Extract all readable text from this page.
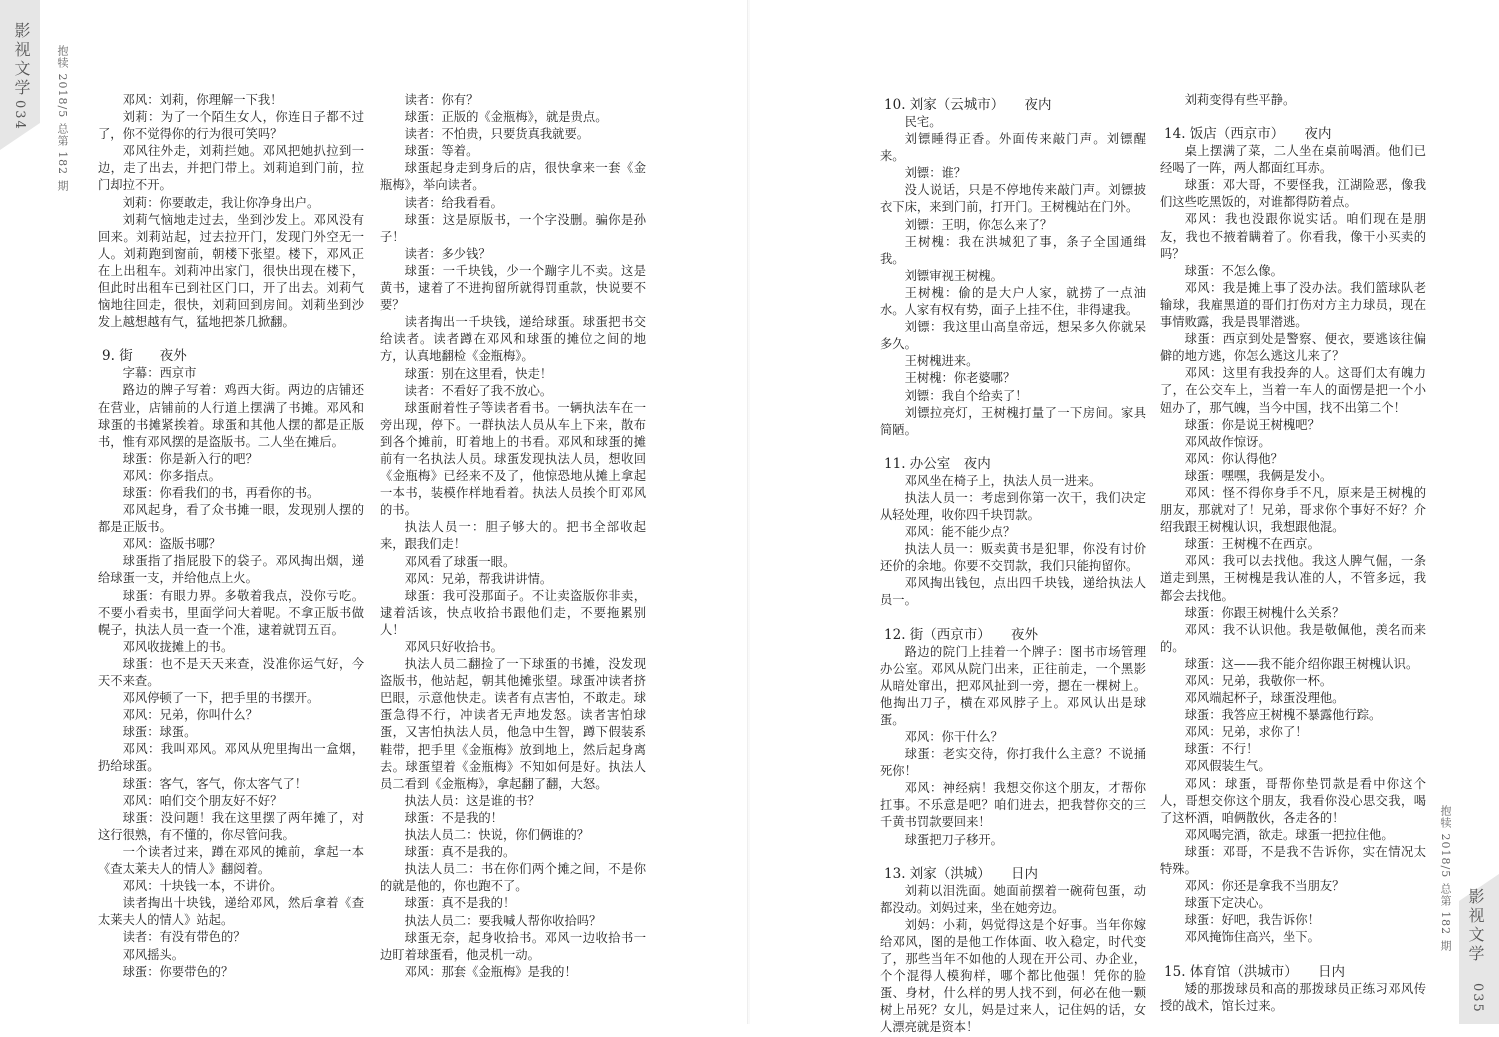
影视文学
034	抱犊 2018/5 总第 182 期	邓风：刘莉，你理解一下我！

刘莉：为了一个陌生女人，你连日子都不过了，你不觉得你的行为很可笑吗？

邓风往外走，刘莉拦她。邓风把她扒拉到一边，走了出去，并把门带上。刘莉追到门前，拉门却拉不开。

刘莉：你要敢走，我让你净身出户。

刘莉气恼地走过去，坐到沙发上。邓风没有回来。刘莉站起，过去拉开门，发现门外空无一人。刘莉跑到窗前，朝楼下张望。楼下，邓风正在上出租车。刘莉冲出家门，很快出现在楼下，但此时出租车已到社区门口，开了出去。刘莉气恼地往回走，很快，刘莉回到房间。刘莉坐到沙发上越想越有气，猛地把茶几掀翻。

9. 街　　夜外

字幕：西京市

路边的牌子写着：鸡西大街。两边的店铺还在营业，店铺前的人行道上摆满了书摊。邓风和球蛋的书摊紧挨着。球蛋和其他人摆的都是正版书，惟有邓风摆的是盗版书。二人坐在摊后。

球蛋：你是新入行的吧？

邓风：你多指点。

球蛋：你看我们的书，再看你的书。

邓风起身，看了众书摊一眼，发现别人摆的都是正版书。

邓风：盗版书哪？

球蛋指了指屁股下的袋子。邓风掏出烟，递给球蛋一支，并给他点上火。

球蛋：有眼力界。多敬着我点，没你亏吃。不要小看卖书，里面学问大着呢。不拿正版书做幌子，执法人员一查一个准，逮着就罚五百。

邓风收拢摊上的书。

球蛋：也不是天天来查，没准你运气好，今天不来查。

邓风停顿了一下，把手里的书摆开。

邓风：兄弟，你叫什么？

球蛋：球蛋。

邓风：我叫邓风。邓风从兜里掏出一盒烟，扔给球蛋。

球蛋：客气，客气，你太客气了！

邓风：咱们交个朋友好不好？

球蛋：没问题！我在这里摆了两年摊了，对这行很熟，有不懂的，你尽管问我。

一个读者过来，蹲在邓风的摊前，拿起一本《查太莱夫人的情人》翻阅着。

邓风：十块钱一本，不讲价。

读者掏出十块钱，递给邓风，然后拿着《查太莱夫人的情人》站起。

读者：有没有带色的？

邓风摇头。

球蛋：你要带色的？

读者：你有？

球蛋：正版的《金瓶梅》，就是贵点。

读者：不怕贵，只要货真我就要。

球蛋：等着。

球蛋起身走到身后的店，很快拿来一套《金瓶梅》，举向读者。

读者：给我看看。

球蛋：这是原版书，一个字没删。骗你是孙子！

读者：多少钱？

球蛋：一千块钱，少一个蹦字儿不卖。这是黄书，逮着了不进拘留所就得罚重款，快说要不要？

读者掏出一千块钱，递给球蛋。球蛋把书交给读者。读者蹲在邓风和球蛋的摊位之间的地方，认真地翻检《金瓶梅》。

球蛋：别在这里看，快走！

读者：不看好了我不放心。

球蛋耐着性子等读者看书。一辆执法车在一旁出现，停下。一群执法人员从车上下来，散布到各个摊前，盯着地上的书看。邓风和球蛋的摊前有一名执法人员。球蛋发现执法人员，想收回《金瓶梅》已经来不及了，他惊恐地从摊上拿起一本书，装模作样地看着。执法人员挨个盯邓风的书。

执法人员一：胆子够大的。把书全部收起来，跟我们走！

邓风看了球蛋一眼。

邓风：兄弟，帮我讲讲情。

球蛋：我可没那面子。不让卖盗版你非卖，逮着活该，快点收拾书跟他们走，不要拖累别人！

邓风只好收拾书。

执法人员二翻捡了一下球蛋的书摊，没发现盗版书，他站起，朝其他摊张望。球蛋冲读者挤巴眼，示意他快走。读者有点害怕，不敢走。球蛋急得不行，冲读者无声地发怒。读者害怕球蛋，又害怕执法人员，他急中生智，蹲下假装系鞋带，把手里《金瓶梅》放到地上，然后起身离去。球蛋望着《金瓶梅》不知如何是好。执法人员二看到《金瓶梅》，拿起翻了翻，大怒。

执法人员：这是谁的书？

球蛋：不是我的！

执法人员二：快说，你们俩谁的？

球蛋：真不是我的。

执法人员二：书在你们两个摊之间，不是你的就是他的，你也跑不了。

球蛋：真不是我的！

执法人员二：要我喊人帮你收拾吗？

球蛋无奈，起身收拾书。邓风一边收拾书一边盯着球蛋看，他灵机一动。

邓风：那套《金瓶梅》是我的！

影视文学
035
抱犊 2018/5 总第 182 期
10. 刘家（云城市）　　夜内

民宅。

刘镖睡得正香。外面传来敲门声。刘镖醒来。

刘镖：谁？

没人说话，只是不停地传来敲门声。刘镖披衣下床，来到门前，打开门。王树槐站在门外。

刘镖：王明，你怎么来了？

王树槐：我在洪城犯了事，条子全国通缉我。

刘镖审视王树槐。

王树槐：偷的是大户人家，就捞了一点油水。人家有权有势，面子上挂不住，非得逮我。

刘镖：我这里山高皇帝远，想呆多久你就呆多久。

王树槐进来。

王树槐：你老婆哪？

刘镖：我自个给卖了！

刘镖拉亮灯，王树槐打量了一下房间。家具简陋。

11. 办公室　夜内

邓风坐在椅子上，执法人员一进来。

执法人员一：考虑到你第一次干，我们决定从轻处理，收你四千块罚款。

邓风：能不能少点？

执法人员一：贩卖黄书是犯罪，你没有讨价还价的余地。你要不交罚款，我们只能拘留你。

邓风掏出钱包，点出四千块钱，递给执法人员一。

12. 街（西京市）　　夜外

路边的院门上挂着一个牌子：图书市场管理办公室。邓风从院门出来，正往前走，一个黑影从暗处窜出，把邓风扯到一旁，摁在一棵树上。他掏出刀子，横在邓风脖子上。邓风认出是球蛋。

邓风：你干什么？

球蛋：老实交待，你打我什么主意？不说捅死你！

邓风：神经病！我想交你这个朋友，才帮你扛事。不乐意是吧？咱们进去，把我替你交的三千黄书罚款要回来！

球蛋把刀子移开。

13. 刘家（洪城）　　日内

刘莉以泪洗面。她面前摆着一碗荷包蛋，动都没动。刘妈过来，坐在她旁边。

刘妈：小莉，妈觉得这是个好事。当年你嫁给邓风，图的是他工作体面、收入稳定，时代变了，那些当年不如他的人现在开公司、办企业，个个混得人模狗样，哪个都比他强！凭你的脸蛋、身材，什么样的男人找不到，何必在他一颗树上吊死？女儿，妈是过来人，记住妈的话，女人漂亮就是资本！

刘莉变得有些平静。

14. 饭店（西京市）　　夜内

桌上摆满了菜，二人坐在桌前喝酒。他们已经喝了一阵，两人都面红耳赤。

球蛋：邓大哥，不要怪我，江湖险恶，像我们这些吃黑饭的，对谁都得防着点。

邓风：我也没跟你说实话。咱们现在是朋友，我也不掖着瞒着了。你看我，像干小买卖的吗？

球蛋：不怎么像。

邓风：我是摊上事了没办法。我们篮球队老输球，我雇黑道的哥们打伤对方主力球员，现在事情败露，我是畏罪潜逃。

球蛋：西京到处是警察、便衣，要逃该往偏僻的地方逃，你怎么逃这儿来了？

邓风：这里有我投奔的人。这哥们太有魄力了，在公交车上，当着一车人的面愣是把一个小妞办了，那气魄，当今中国，找不出第二个！

球蛋：你是说王树槐吧？

邓风故作惊讶。

邓风：你认得他？

球蛋：嘿嘿，我俩是发小。

邓风：怪不得你身手不凡，原来是王树槐的朋友，那就对了！兄弟，哥求你个事好不好？介绍我跟王树槐认识，我想跟他混。

球蛋：王树槐不在西京。

邓风：我可以去找他。我这人脾气倔，一条道走到黑，王树槐是我认准的人，不管多远，我都会去找他。

球蛋：你跟王树槐什么关系？

邓风：我不认识他。我是敬佩他，羡名而来的。

球蛋：这——我不能介绍你跟王树槐认识。

邓风：兄弟，我敬你一杯。

邓风端起杯子，球蛋没理他。

球蛋：我答应王树槐不暴露他行踪。

邓风：兄弟，求你了！

球蛋：不行！

邓风假装生气。

邓风：球蛋，哥帮你垫罚款是看中你这个人，哥想交你这个朋友，我看你没心思交我，喝了这杯酒，咱俩散伙，各走各的！

邓风喝完酒，欲走。球蛋一把拉住他。

球蛋：邓哥，不是我不告诉你，实在情况太特殊。

邓风：你还是拿我不当朋友？

球蛋下定决心。

球蛋：好吧，我告诉你！

邓风掩饰住高兴，坐下。

15. 体育馆（洪城市）　　日内

矮的那拨球员和高的那拨球员正练习邓风传授的战术，馆长过来。
